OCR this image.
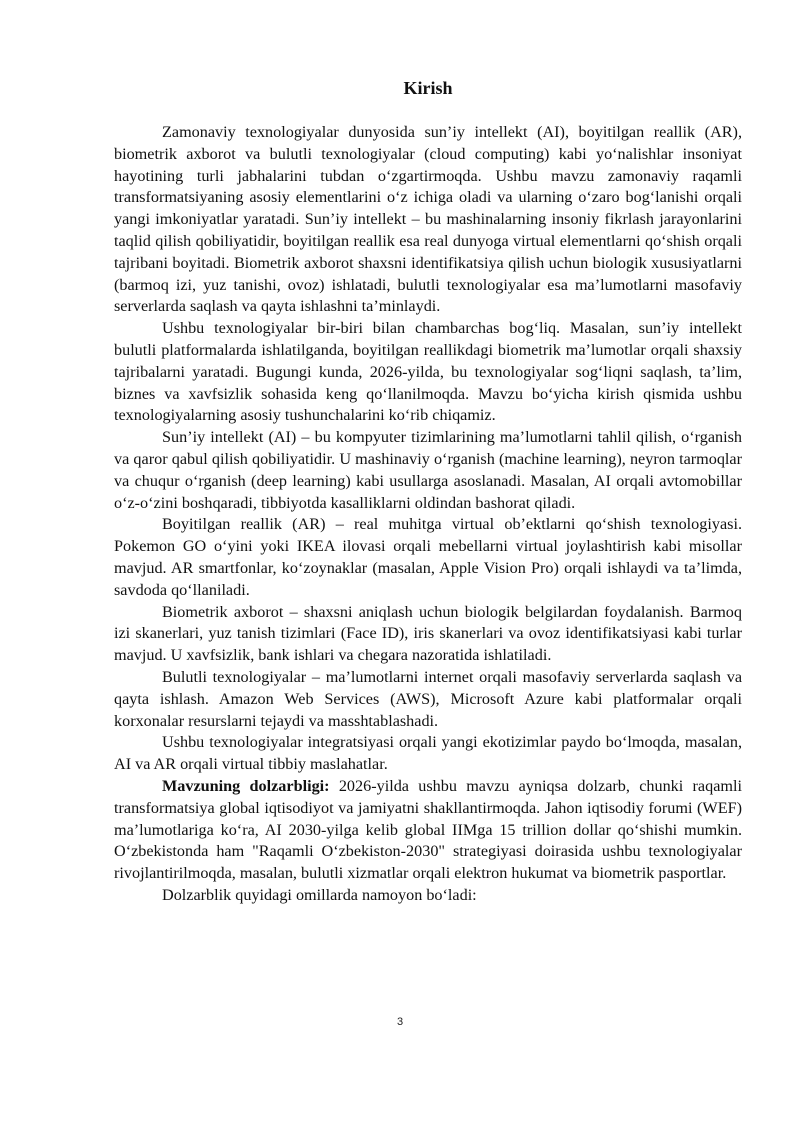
Kirish

Zamonaviy texnologiyalar dunyosida sun’iy intellekt (AI), boyitilgan reallik (AR), biometrik axborot va bulutli texnologiyalar (cloud computing) kabi yo‘nalishlar insoniyat hayotining turli jabhalarini tubdan o‘zgartirmoqda. Ushbu mavzu zamonaviy raqamli transformatsiyaning asosiy elementlarini o‘z ichiga oladi va ularning o‘zaro bog‘lanishi orqali yangi imkoniyatlar yaratadi. Sun’iy intellekt – bu mashinalarning insoniy fikrlash jarayonlarini taqlid qilish qobiliyatidir, boyitilgan reallik esa real dunyoga virtual elementlarni qo‘shish orqali tajribani boyitadi. Biometrik axborot shaxsni identifikatsiya qilish uchun biologik xususiyatlarni (barmoq izi, yuz tanishi, ovoz) ishlatadi, bulutli texnologiyalar esa ma’lumotlarni masofaviy serverlarda saqlash va qayta ishlashni ta’minlaydi.

Ushbu texnologiyalar bir-biri bilan chambarchas bog‘liq. Masalan, sun’iy intellekt bulutli platformalarda ishlatilganda, boyitilgan reallikdagi biometrik ma’lumotlar orqali shaxsiy tajribalarni yaratadi. Bugungi kunda, 2026-yilda, bu texnologiyalar sog‘liqni saqlash, ta’lim, biznes va xavfsizlik sohasida keng qo‘llanilmoqda. Mavzu bo‘yicha kirish qismida ushbu texnologiyalarning asosiy tushunchalarini ko‘rib chiqamiz.

Sun’iy intellekt (AI) – bu kompyuter tizimlarining ma’lumotlarni tahlil qilish, o‘rganish va qaror qabul qilish qobiliyatidir. U mashinaviy o‘rganish (machine learning), neyron tarmoqlar va chuqur o‘rganish (deep learning) kabi usullarga asoslanadi. Masalan, AI orqali avtomobillar o‘z-o‘zini boshqaradi, tibbiyotda kasalliklarni oldindan bashorat qiladi.

Boyitilgan reallik (AR) – real muhitga virtual ob’ektlarni qo‘shish texnologiyasi. Pokemon GO o‘yini yoki IKEA ilovasi orqali mebellarni virtual joylashtirish kabi misollar mavjud. AR smartfonlar, ko‘zoynaklar (masalan, Apple Vision Pro) orqali ishlaydi va ta’limda, savdoda qo‘llaniladi.

Biometrik axborot – shaxsni aniqlash uchun biologik belgilardan foydalanish. Barmoq izi skanerlari, yuz tanish tizimlari (Face ID), iris skanerlari va ovoz identifikatsiyasi kabi turlar mavjud. U xavfsizlik, bank ishlari va chegara nazoratida ishlatiladi.

Bulutli texnologiyalar – ma’lumotlarni internet orqali masofaviy serverlarda saqlash va qayta ishlash. Amazon Web Services (AWS), Microsoft Azure kabi platformalar orqali korxonalar resurslarni tejaydi va masshtablashadi.

Ushbu texnologiyalar integratsiyasi orqali yangi ekotizimlar paydo bo‘lmoqda, masalan, AI va AR orqali virtual tibbiy maslahatlar.

Mavzuning dolzarbligi: 2026-yilda ushbu mavzu ayniqsa dolzarb, chunki raqamli transformatsiya global iqtisodiyot va jamiyatni shakllantirmoqda. Jahon iqtisodiy forumi (WEF) ma’lumotlariga ko‘ra, AI 2030-yilga kelib global IIMga 15 trillion dollar qo‘shishi mumkin. O‘zbekistonda ham "Raqamli O‘zbekiston-2030" strategiyasi doirasida ushbu texnologiyalar rivojlantirilmoqda, masalan, bulutli xizmatlar orqali elektron hukumat va biometrik pasportlar.

Dolzarblik quyidagi omillarda namoyon bo‘ladi:

3
